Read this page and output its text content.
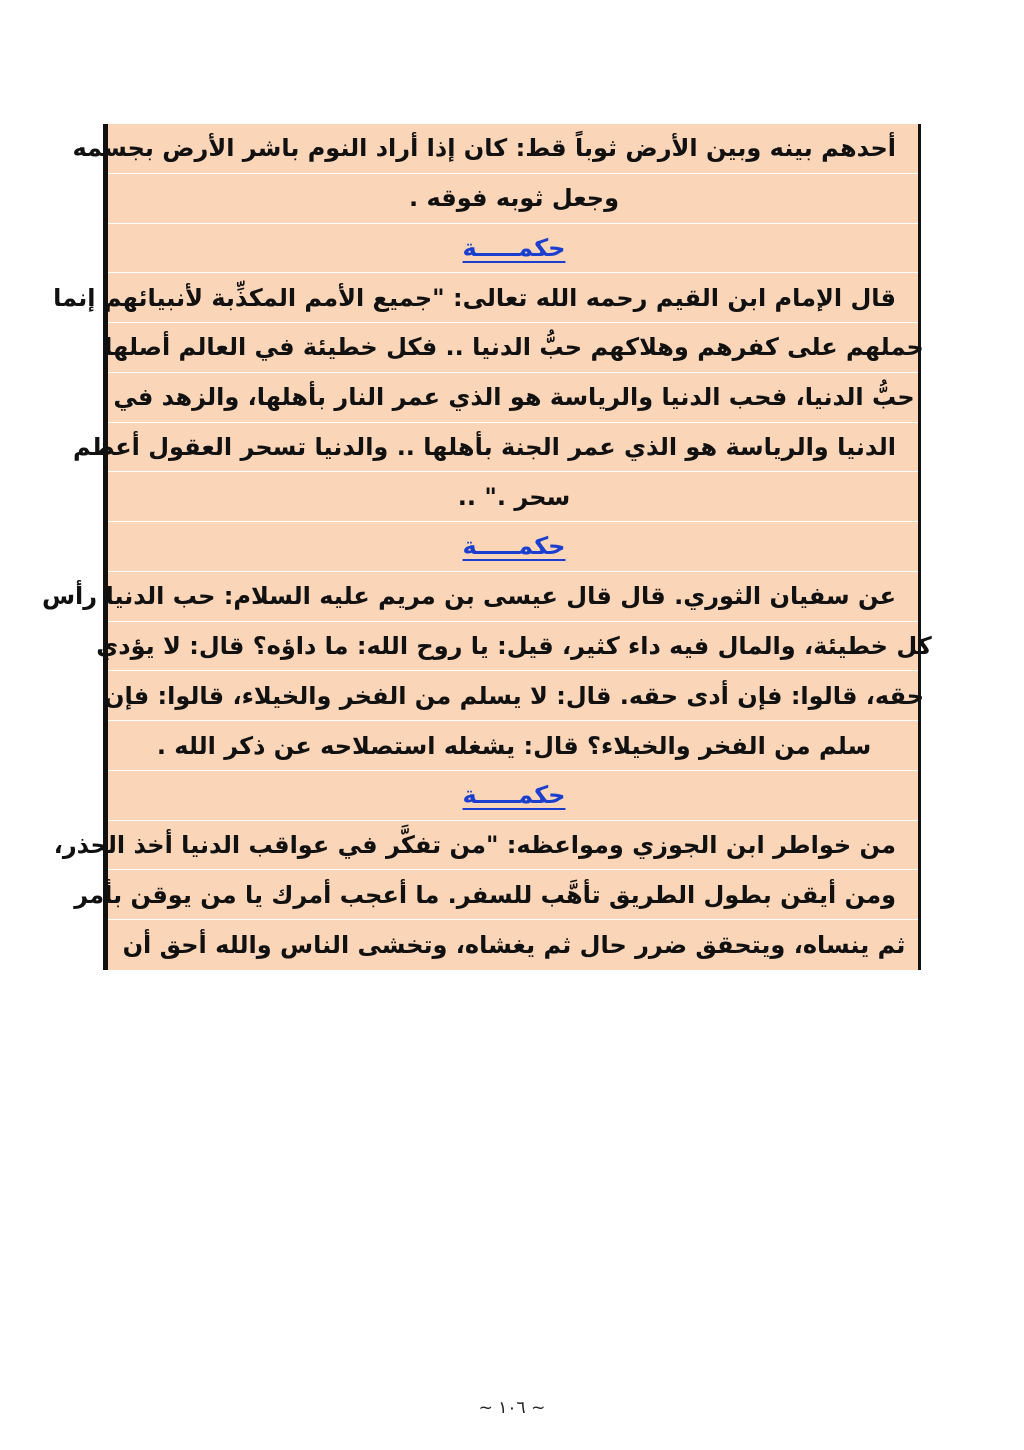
أحدهم بينه وبين الأرض ثوباً قط: كان إذا أراد النوم باشر الأرض بجسمه
وجعل ثوبه فوقه .
حكمـــــة
قال الإمام ابن القيم رحمه الله تعالى: "جميع الأمم المكذِّبة لأنبيائهم إنما
حملهم على كفرهم وهلاكهم حبُّ الدنيا .. فكل خطيئة في العالم أصلها
حبُّ الدنيا، فحب الدنيا والرياسة هو الذي عمر النار بأهلها، والزهد في
الدنيا والرياسة هو الذي عمر الجنة بأهلها .. والدنيا تسحر العقول أعظم
سحر ." ..
حكمـــــة
عن سفيان الثوري. قال قال عيسى بن مريم عليه السلام: حب الدنيا رأس
كل خطيئة، والمال فيه داء كثير، قيل: يا روح الله: ما داؤه؟ قال: لا يؤدي
حقه، قالوا: فإن أدى حقه. قال: لا يسلم من الفخر والخيلاء، قالوا: فإن
سلم من الفخر والخيلاء؟ قال: يشغله استصلاحه عن ذكر الله .
حكمـــــة
من خواطر ابن الجوزي ومواعظه: "من تفكَّر في عواقب الدنيا أخذ الحذر،
ومن أيقن بطول الطريق تأهَّب للسفر. ما أعجب أمرك يا من يوقن بأمر
ثم ينساه، ويتحقق ضرر حال ثم يغشاه، وتخشى الناس والله أحق أن
~ ١٠٦ ~
